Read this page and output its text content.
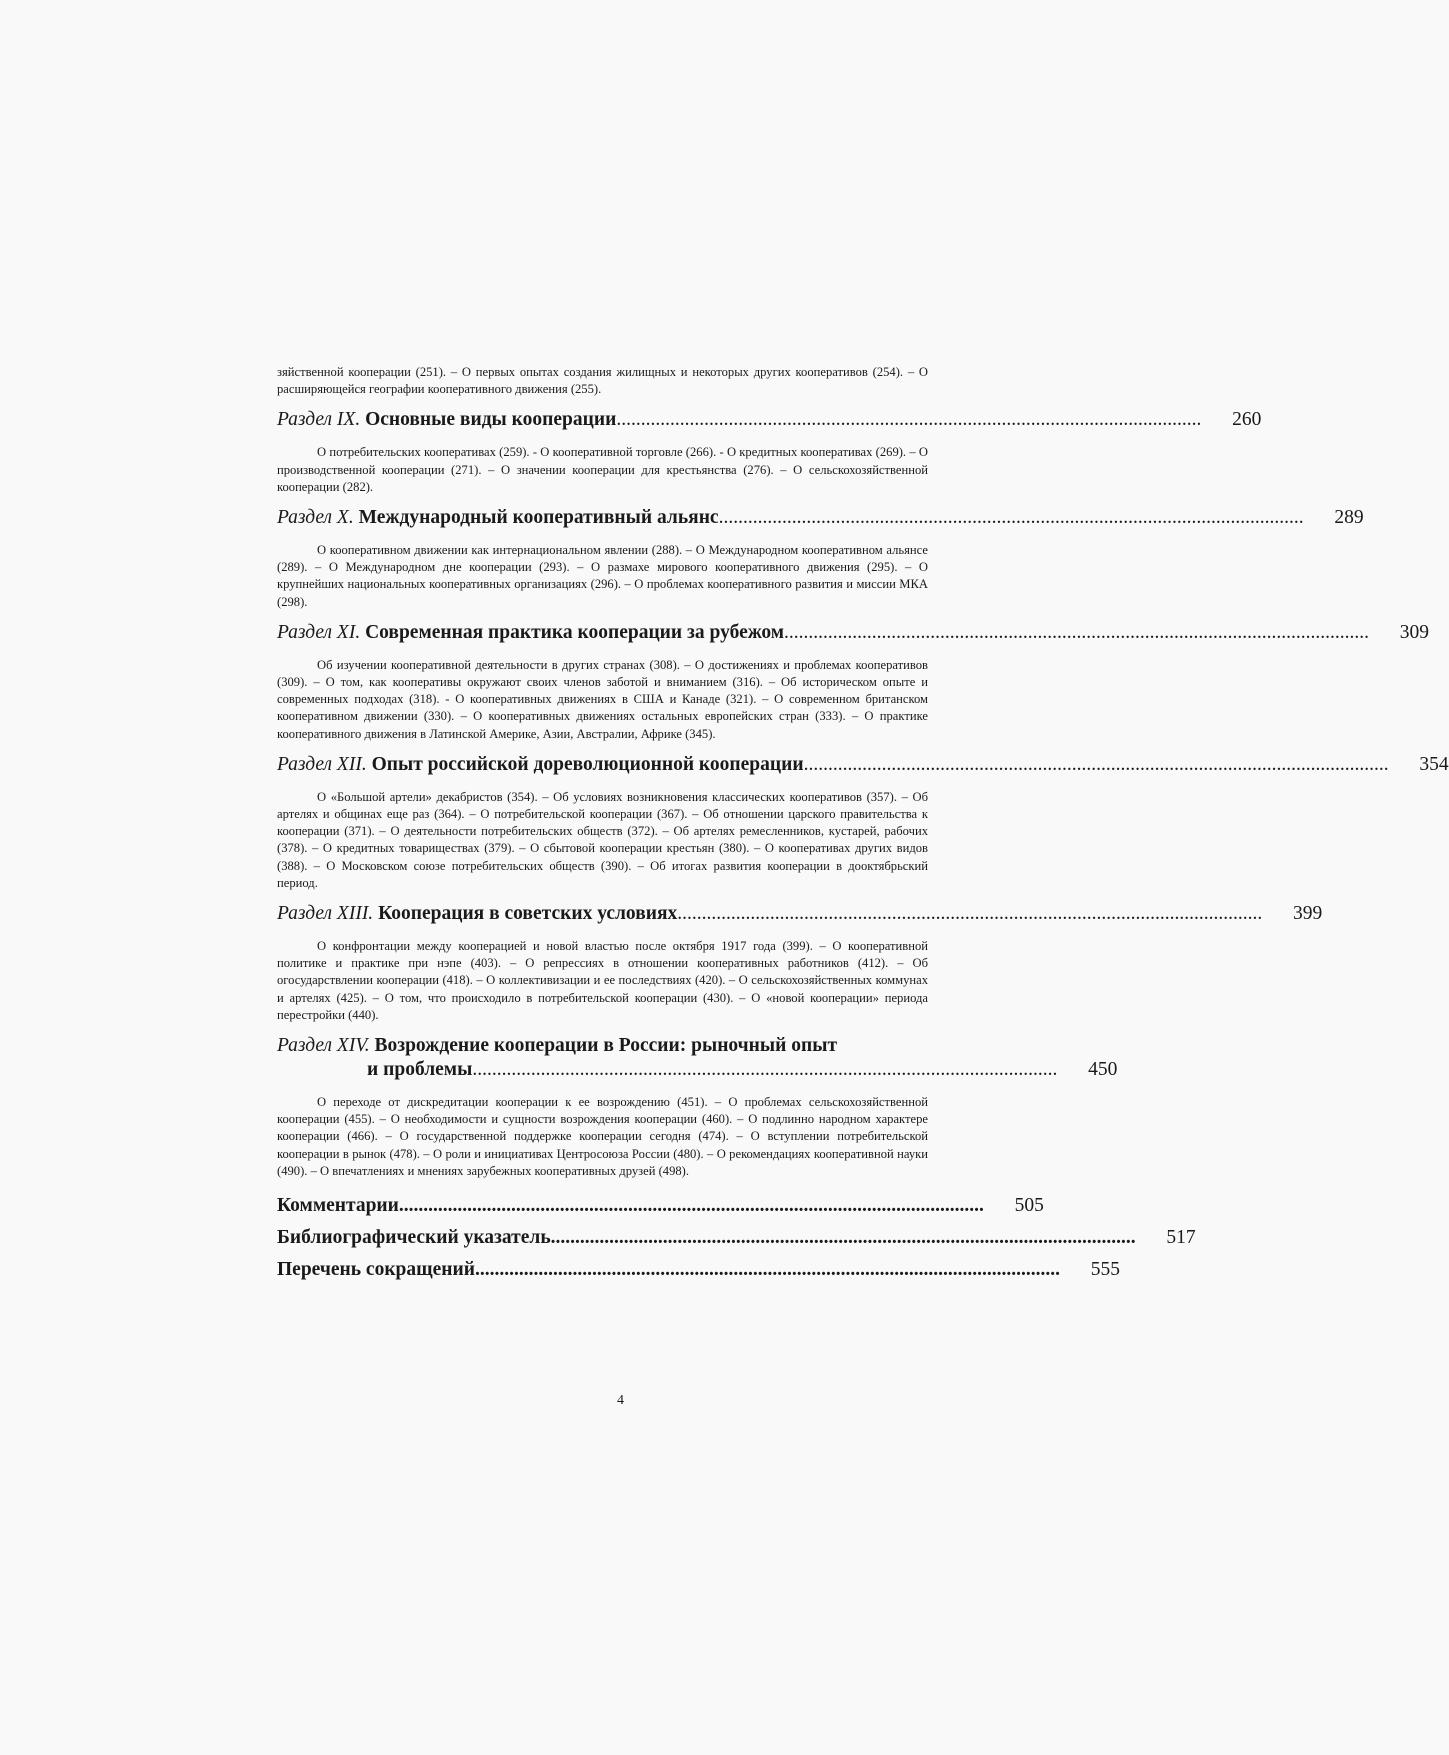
зяйственной кооперации (251). – О первых опытах создания жилищных и некоторых других кооперативов (254). – О расширяющейся географии кооперативного движения (255).

Раздел IX. Основные виды кооперации ........................................................................................................................	260

О потребительских кооперативах (259). - О кооперативной торговле (266). - О кредитных кооперативах (269). – О производственной кооперации (271). – О значении кооперации для крестьянства (276). – О сельскохозяйственной кооперации (282).

Раздел X. Международный кооперативный альянс ........................................................................................................................	289

О кооперативном движении как интернациональном явлении (288). – О Международном кооперативном альянсе (289). – О Международном дне кооперации (293). – О размахе мирового кооперативного движения (295). – О крупнейших национальных кооперативных организациях (296). – О проблемах кооперативного развития и миссии МКА (298).

Раздел XI. Современная практика кооперации за рубежом ........................................................................................................................	309

Об изучении кооперативной деятельности в других странах (308). – О достижениях и проблемах кооперативов (309). – О том, как кооперативы окружают своих членов заботой и вниманием (316). – Об историческом опыте и современных подходах (318). - О кооперативных движениях в США и Канаде (321). – О современном британском кооперативном движении (330). – О кооперативных движениях остальных европейских стран (333). – О практике кооперативного движения в Латинской Америке, Азии, Австралии, Африке (345).

Раздел XII. Опыт российской дореволюционной кооперации ........................................................................................................................	354

О «Большой артели» декабристов (354). – Об условиях возникновения классических кооперативов (357). – Об артелях и общинах еще раз (364). – О потребительской кооперации (367). – Об отношении царского правительства к кооперации (371). – О деятельности потребительских обществ (372). – Об артелях ремесленников, кустарей, рабочих (378). – О кредитных товариществах (379). – О сбытовой кооперации крестьян (380). – О кооперативах других видов (388). – О Московском союзе потребительских обществ (390). – Об итогах развития кооперации в дооктябрьский период.

Раздел XIII. Кооперация в советских условиях ........................................................................................................................	399

О конфронтации между кооперацией и новой властью после октября 1917 года (399). – О кооперативной политике и практике при нэпе (403). – О репрессиях в отношении кооперативных работников (412). – Об огосударствлении кооперации (418). – О коллективизации и ее последствиях (420). – О сельскохозяйственных коммунах и артелях (425). – О том, что происходило в потребительской кооперации (430). – О «новой кооперации» периода перестройки (440).

Раздел XIV. Возрождение кооперации в России: рыночный опыт
и проблемы ........................................................................................................................	450

О переходе от дискредитации кооперации к ее возрождению (451). – О проблемах сельскохозяйственной кооперации (455). – О необходимости и сущности возрождения кооперации (460). – О подлинно народном характере кооперации (466). – О государственной поддержке кооперации сегодня (474). – О вступлении потребительской кооперации в рынок (478). – О роли и инициативах Центросоюза России (480). – О рекомендациях кооперативной науки (490). – О впечатлениях и мнениях зарубежных кооперативных друзей (498).

Комментарии ........................................................................................................................	505
Библиографический указатель ........................................................................................................................	517
Перечень сокращений ........................................................................................................................	555
4
